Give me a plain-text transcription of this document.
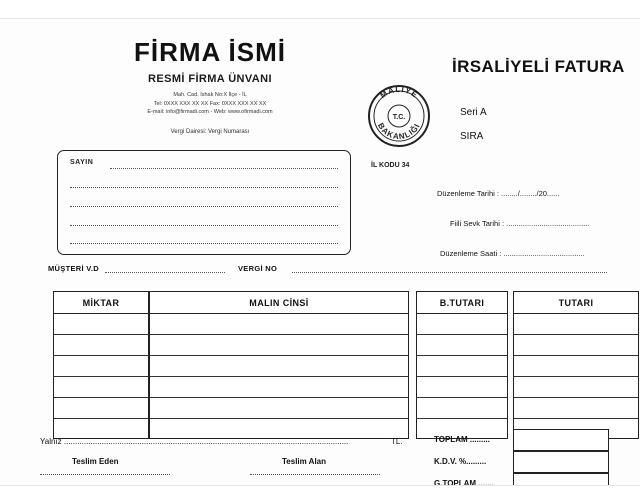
FİRMA İSMİ
RESMİ FİRMA ÜNVANI
Mah. Cad. İshak No:X İlçe - İL
Tel: 0XXX XXX XX XX Fax: 0XXX XXX XX XX
E-mail: info@firmadi.com - Web: www.ofirmadi.com
Vergi Dairesi: Vergi Numarası
MALİYE
BAKANLIĞI
T.C.
İL KODU 34
İRSALİYELİ FATURA
Seri A
SIRA
SAYIN
Düzenleme Tarihi : ......../......../20......
Fiili Sevk Tarihi : ........................................
Düzenleme Saati : .......................................
MÜŞTERİ V.D	VERGİ NO
MİKTAR	MALIN CİNSİ	B.TUTARI	TUTARI
Yalnız ................................................................................................................................	TL.
Teslim Eden	Teslim Alan
TOPLAM .........
K.D.V. %.........
G.TOPLAM .......
